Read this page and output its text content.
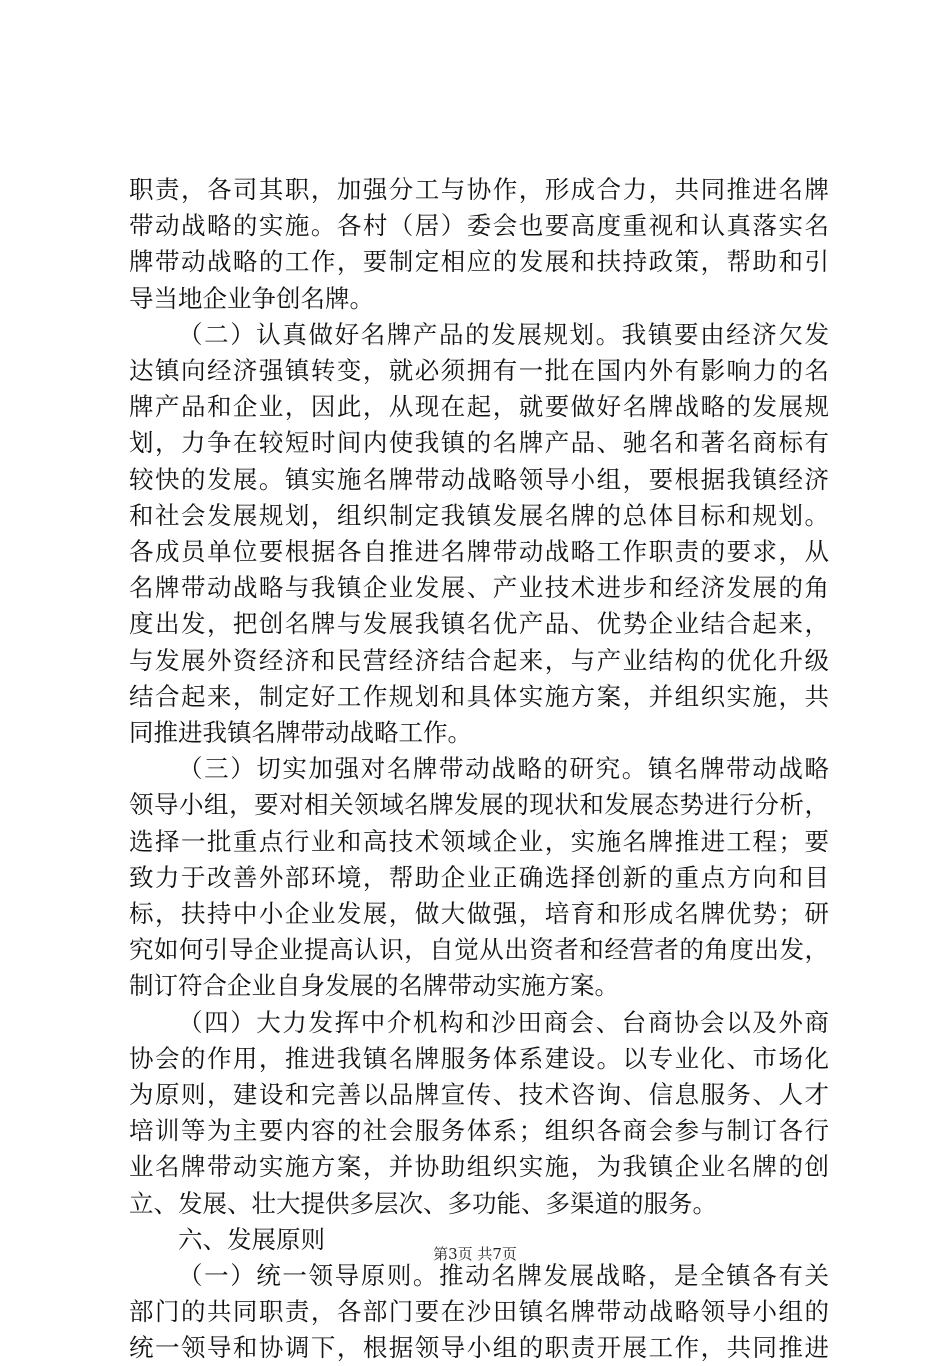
职责，各司其职，加强分工与协作，形成合力，共同推进名牌
带动战略的实施。各村（居）委会也要高度重视和认真落实名
牌带动战略的工作，要制定相应的发展和扶持政策，帮助和引
导当地企业争创名牌。
（二）认真做好名牌产品的发展规划。我镇要由经济欠发
达镇向经济强镇转变，就必须拥有一批在国内外有影响力的名
牌产品和企业，因此，从现在起，就要做好名牌战略的发展规
划，力争在较短时间内使我镇的名牌产品、驰名和著名商标有
较快的发展。镇实施名牌带动战略领导小组，要根据我镇经济
和社会发展规划，组织制定我镇发展名牌的总体目标和规划。
各成员单位要根据各自推进名牌带动战略工作职责的要求，从
名牌带动战略与我镇企业发展、产业技术进步和经济发展的角
度出发，把创名牌与发展我镇名优产品、优势企业结合起来，
与发展外资经济和民营经济结合起来，与产业结构的优化升级
结合起来，制定好工作规划和具体实施方案，并组织实施，共
同推进我镇名牌带动战略工作。
（三）切实加强对名牌带动战略的研究。镇名牌带动战略
领导小组，要对相关领域名牌发展的现状和发展态势进行分析，
选择一批重点行业和高技术领域企业，实施名牌推进工程；要
致力于改善外部环境，帮助企业正确选择创新的重点方向和目
标，扶持中小企业发展，做大做强，培育和形成名牌优势；研
究如何引导企业提高认识，自觉从出资者和经营者的角度出发，
制订符合企业自身发展的名牌带动实施方案。
（四）大力发挥中介机构和沙田商会、台商协会以及外商
协会的作用，推进我镇名牌服务体系建设。以专业化、市场化
为原则，建设和完善以品牌宣传、技术咨询、信息服务、人才
培训等为主要内容的社会服务体系；组织各商会参与制订各行
业名牌带动实施方案，并协助组织实施，为我镇企业名牌的创
立、发展、壮大提供多层次、多功能、多渠道的服务。
六、发展原则
（一）统一领导原则。推动名牌发展战略，是全镇各有关
部门的共同职责，各部门要在沙田镇名牌带动战略领导小组的
统一领导和协调下，根据领导小组的职责开展工作，共同推进
第3页 共7页
